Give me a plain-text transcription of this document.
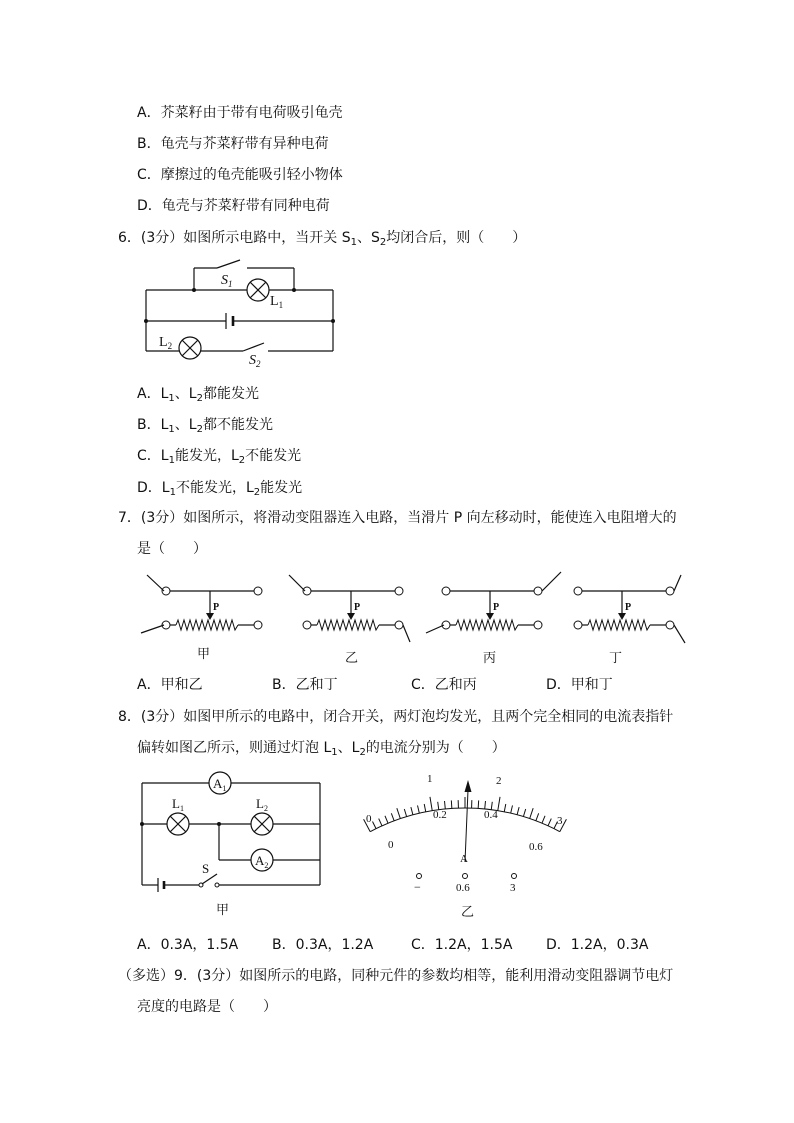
A．芥菜籽由于带有电荷吸引龟壳
B．龟壳与芥菜籽带有异种电荷
C．摩擦过的龟壳能吸引轻小物体
D．龟壳与芥菜籽带有同种电荷
6．(3分）如图所示电路中，当开关 $S_1$、$S_2$均闭合后，则（　　）
$S_1$
$L_1$
$L_2$
$S_2$
A．$L_1$、$L_2$都能发光
B．$L_1$、$L_2$都不能发光
C．$L_1$能发光，$L_2$不能发光
D．$L_1$不能发光，$L_2$能发光
7．(3分）如图所示，将滑动变阻器连入电路，当滑片 P 向左移动时，能使连入电阻增大的
是（　　）
P	P	P	P
甲	乙	丙	丁
A．甲和乙	B．乙和丁	C．乙和丙	D．甲和丁
8．(3分）如图甲所示的电路中，闭合开关，两灯泡均发光，且两个完全相同的电流表指针
偏转如图乙所示，则通过灯泡 $L_1$、$L_2$的电流分别为（　　）
$A_1$
$A_2$
$L_1$	$L_2$
S
0
1	2
3
0
0.2	0.4
0.6
A
−	0.6	3
甲	乙
A．0.3A，1.5A B．0.3A，1.2A	C．1.2A，1.5A D．1.2A，0.3A
（多选）9．(3分）如图所示的电路，同种元件的参数均相等，能利用滑动变阻器调节电灯
亮度的电路是（　　）
